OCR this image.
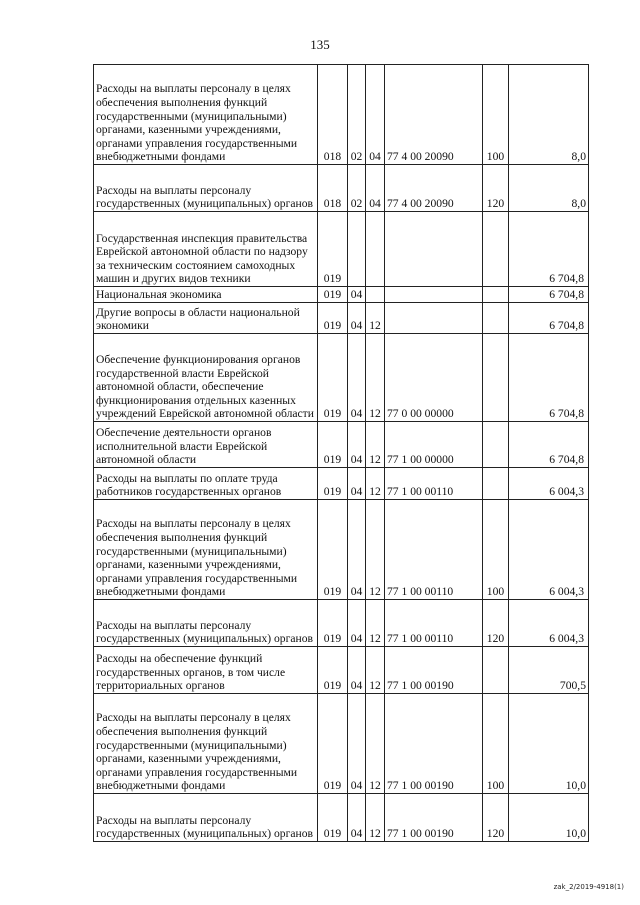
135
Расходы на выплаты персоналу в целях обеспечения выполнения функций государственными (муниципальными) органами, казенными учреждениями, органами управления государственными внебюджетными фондами	018	02	04	77 4 00 20090	100	8,0
Расходы на выплаты персоналу государственных (муниципальных) органов	018	02	04	77 4 00 20090	120	8,0
Государственная инспекция правительства Еврейской автономной области по надзору за техническим состоянием самоходных машин и других видов техники	019					6 704,8
Национальная экономика	019	04				6 704,8
Другие вопросы в области национальной экономики	019	04	12			6 704,8
Обеспечение функционирования органов государственной власти Еврейской автономной области, обеспечение функционирования отдельных казенных учреждений Еврейской автономной области	019	04	12	77 0 00 00000		6 704,8
Обеспечение деятельности органов исполнительной власти Еврейской автономной области	019	04	12	77 1 00 00000		6 704,8
Расходы на выплаты по оплате труда работников государственных органов	019	04	12	77 1 00 00110		6 004,3
Расходы на выплаты персоналу в целях обеспечения выполнения функций государственными (муниципальными) органами, казенными учреждениями, органами управления государственными внебюджетными фондами	019	04	12	77 1 00 00110	100	6 004,3
Расходы на выплаты персоналу государственных (муниципальных) органов	019	04	12	77 1 00 00110	120	6 004,3
Расходы на обеспечение функций государственных органов, в том числе территориальных органов	019	04	12	77 1 00 00190		700,5
Расходы на выплаты персоналу в целях обеспечения выполнения функций государственными (муниципальными) органами, казенными учреждениями, органами управления государственными внебюджетными фондами	019	04	12	77 1 00 00190	100	10,0
Расходы на выплаты персоналу государственных (муниципальных) органов	019	04	12	77 1 00 00190	120	10,0
zak_2/2019-4918(1)
